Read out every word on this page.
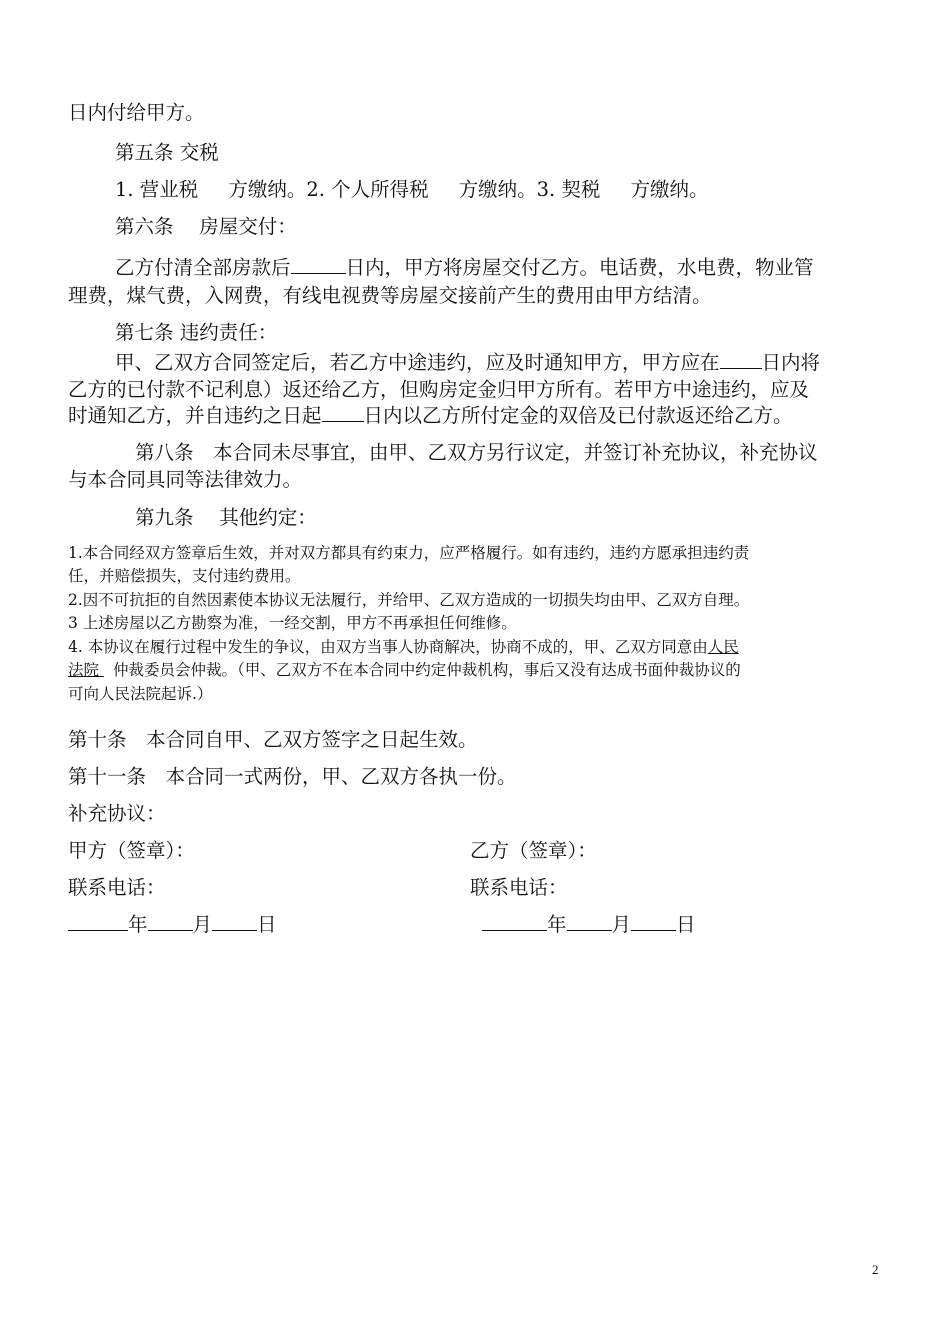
日内付给甲方。

第五条 交税

1. 营业税 方缴纳。2. 个人所得税 方缴纳。3. 契税 方缴纳。

第六条　 房屋交付：

乙方付清全部房款后	日内，甲方将房屋交付乙方。电话费，水电费，物业管

理费，煤气费，入网费，有线电视费等房屋交接前产生的费用由甲方结清。

第七条 违约责任：

甲、乙双方合同签定后，若乙方中途违约，应及时通知甲方，甲方应在 日内将

乙方的已付款不记利息）返还给乙方，但购房定金归甲方所有。若甲方中途违约，应及

时通知乙方，并自违约之日起 日内以乙方所付定金的双倍及已付款返还给乙方。

第八条　本合同未尽事宜，由甲、乙双方另行议定，并签订补充协议，补充协议

与本合同具同等法律效力。

第九条　 其他约定：

1.本合同经双方签章后生效，并对双方都具有约束力，应严格履行。如有违约，违约方愿承担违约责

任，并赔偿损失，支付违约费用。

2.因不可抗拒的自然因素使本协议无法履行，并给甲、乙双方造成的一切损失均由甲、乙双方自理。

3 上述房屋以乙方勘察为准，一经交割，甲方不再承担任何维修。

4. 本协议在履行过程中发生的争议，由双方当事人协商解决，协商不成的，甲、乙双方同意由人民

法院 仲裁委员会仲裁。（甲、乙双方不在本合同中约定仲裁机构，事后又没有达成书面仲裁协议的

可向人民法院起诉.）

第十条　本合同自甲、乙双方签字之日起生效。

第十一条　本合同一式两份，甲、乙双方各执一份。

补充协议：

甲方（签章）：	乙方（签章）：

联系电话：	联系电话：

年 月 日	年 月 日

2
